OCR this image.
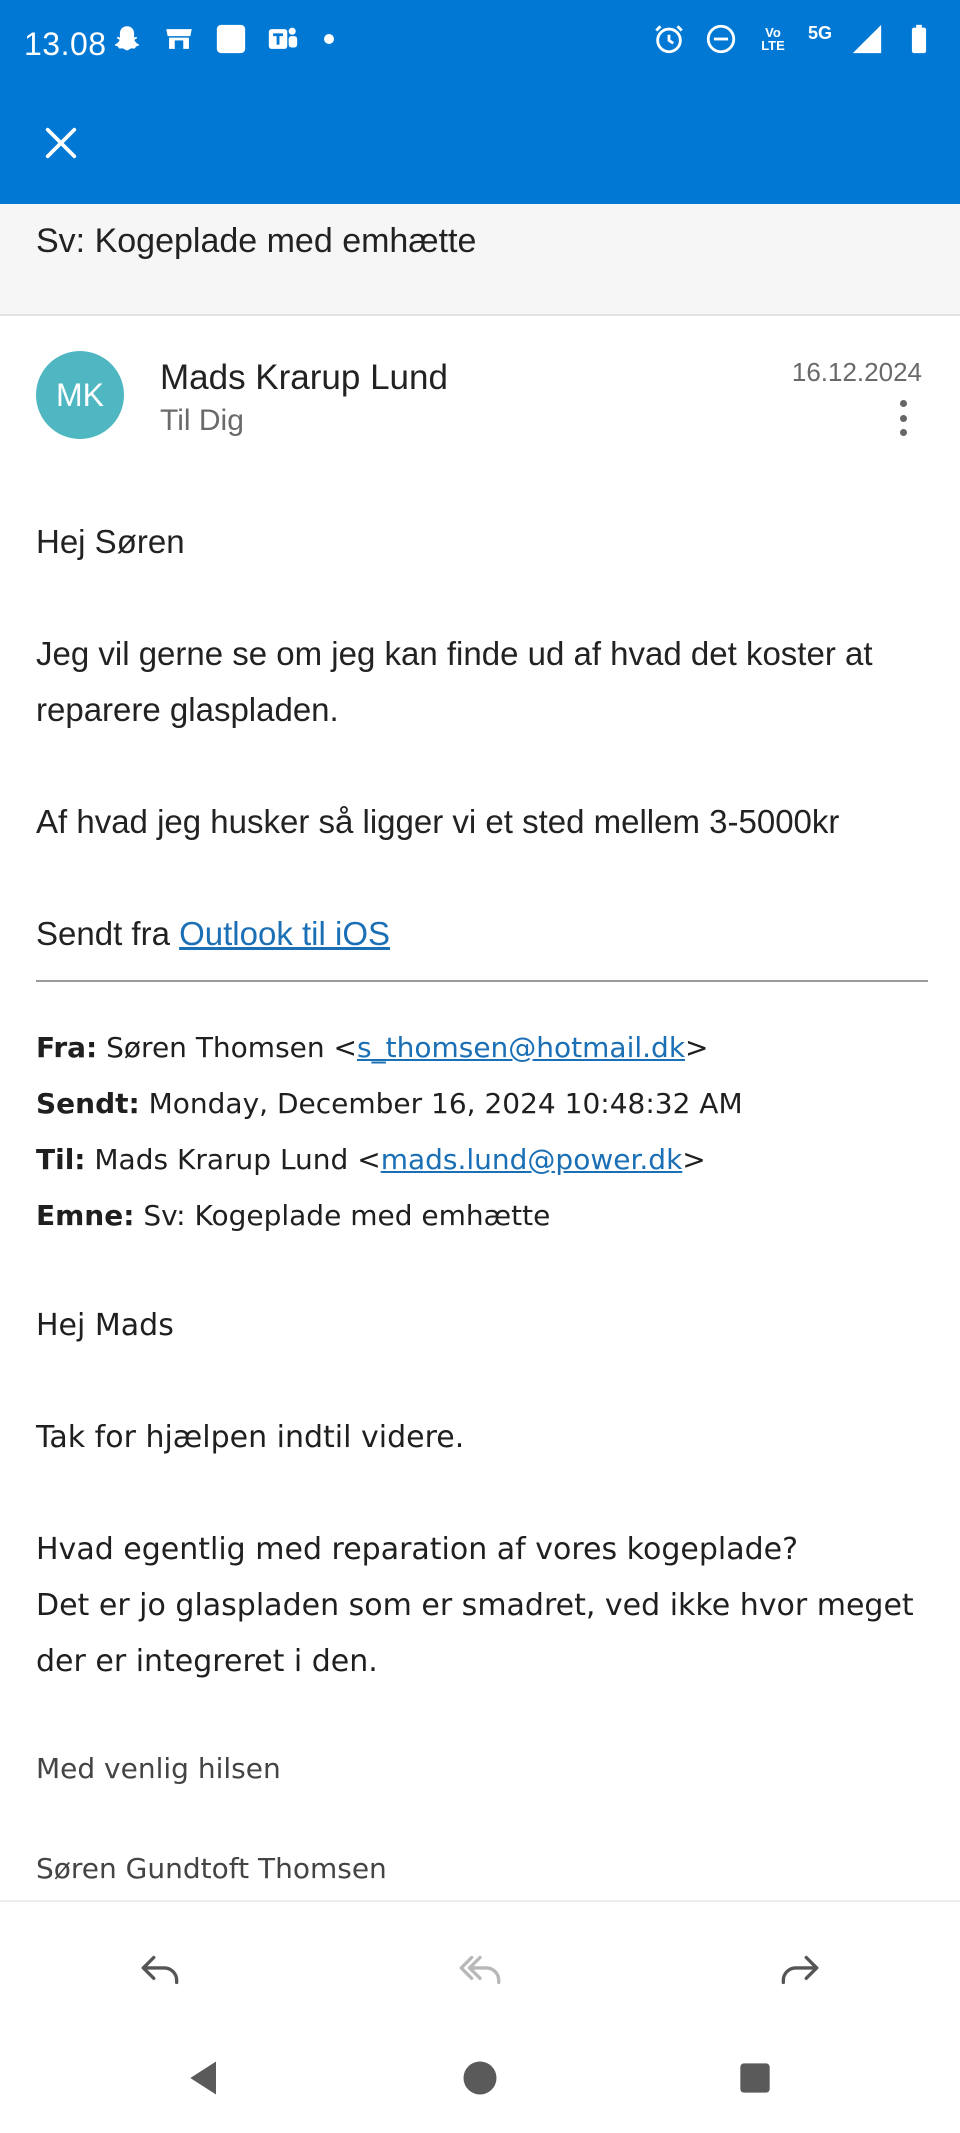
13.08	Vo LTE
5G
Sv: Kogeplade med emhætte
MK	Mads Krarup Lund
Til Dig
16.12.2024
Hej Søren
Jeg vil gerne se om jeg kan finde ud af hvad det koster at reparere glaspladen.
Af hvad jeg husker så ligger vi et sted mellem 3-5000kr
Sendt fra Outlook til iOS
Fra: Søren Thomsen <s_thomsen@hotmail.dk>
Sendt: Monday, December 16, 2024 10:48:32 AM
Til: Mads Krarup Lund <mads.lund@power.dk>
Emne: Sv: Kogeplade med emhætte
Hej Mads
Tak for hjælpen indtil videre.
Hvad egentlig med reparation af vores kogeplade?
Det er jo glaspladen som er smadret, ved ikke hvor meget
der er integreret i den.
Med venlig hilsen
Søren Gundtoft Thomsen
